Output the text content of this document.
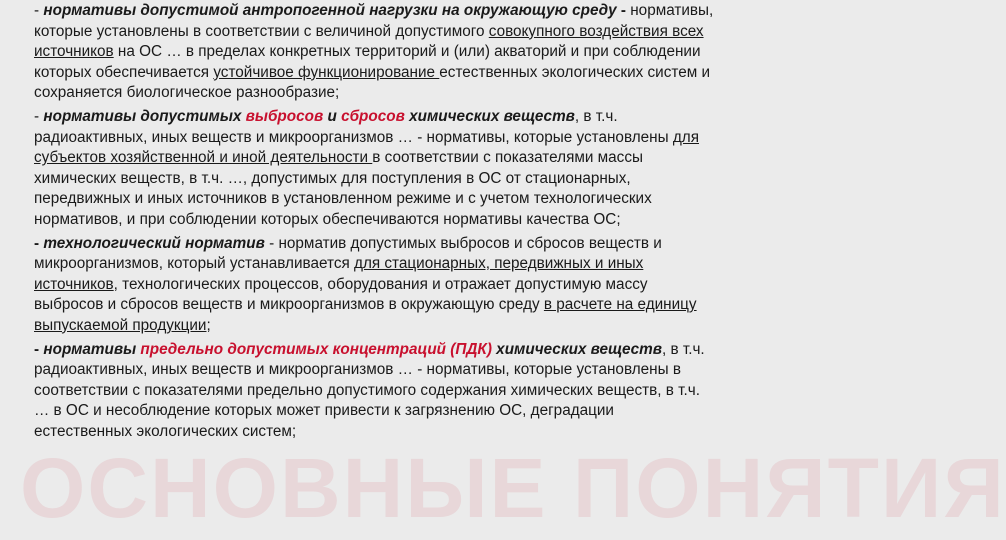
ОСНОВНЫЕ ПОНЯТИЯ

- нормативы допустимой антропогенной нагрузки на окружающую среду - нормативы, которые установлены в соответствии с величиной допустимого совокупного воздействия всех источников на ОС … в пределах конкретных территорий и (или) акваторий и при соблюдении которых обеспечивается устойчивое функционирование естественных экологических систем и сохраняется биологическое разнообразие;

- нормативы допустимых выбросов и сбросов химических веществ, в т.ч. радиоактивных, иных веществ и микроорганизмов … - нормативы, которые установлены для субъектов хозяйственной и иной деятельности в соответствии с показателями массы химических веществ, в т.ч. …, допустимых для поступления в ОС от стационарных, передвижных и иных источников в установленном режиме и с учетом технологических нормативов, и при соблюдении которых обеспечиваются нормативы качества ОС;

- технологический норматив - норматив допустимых выбросов и сбросов веществ и микроорганизмов, который устанавливается для стационарных, передвижных и иных источников, технологических процессов, оборудования и отражает допустимую массу выбросов и сбросов веществ и микроорганизмов в окружающую среду в расчете на единицу выпускаемой продукции;

- нормативы предельно допустимых концентраций (ПДК) химических веществ, в т.ч. радиоактивных, иных веществ и микроорганизмов … - нормативы, которые установлены в соответствии с показателями предельно допустимого содержания химических веществ, в т.ч. … в ОС и несоблюдение которых может привести к загрязнению ОС, деградации естественных экологических систем;
